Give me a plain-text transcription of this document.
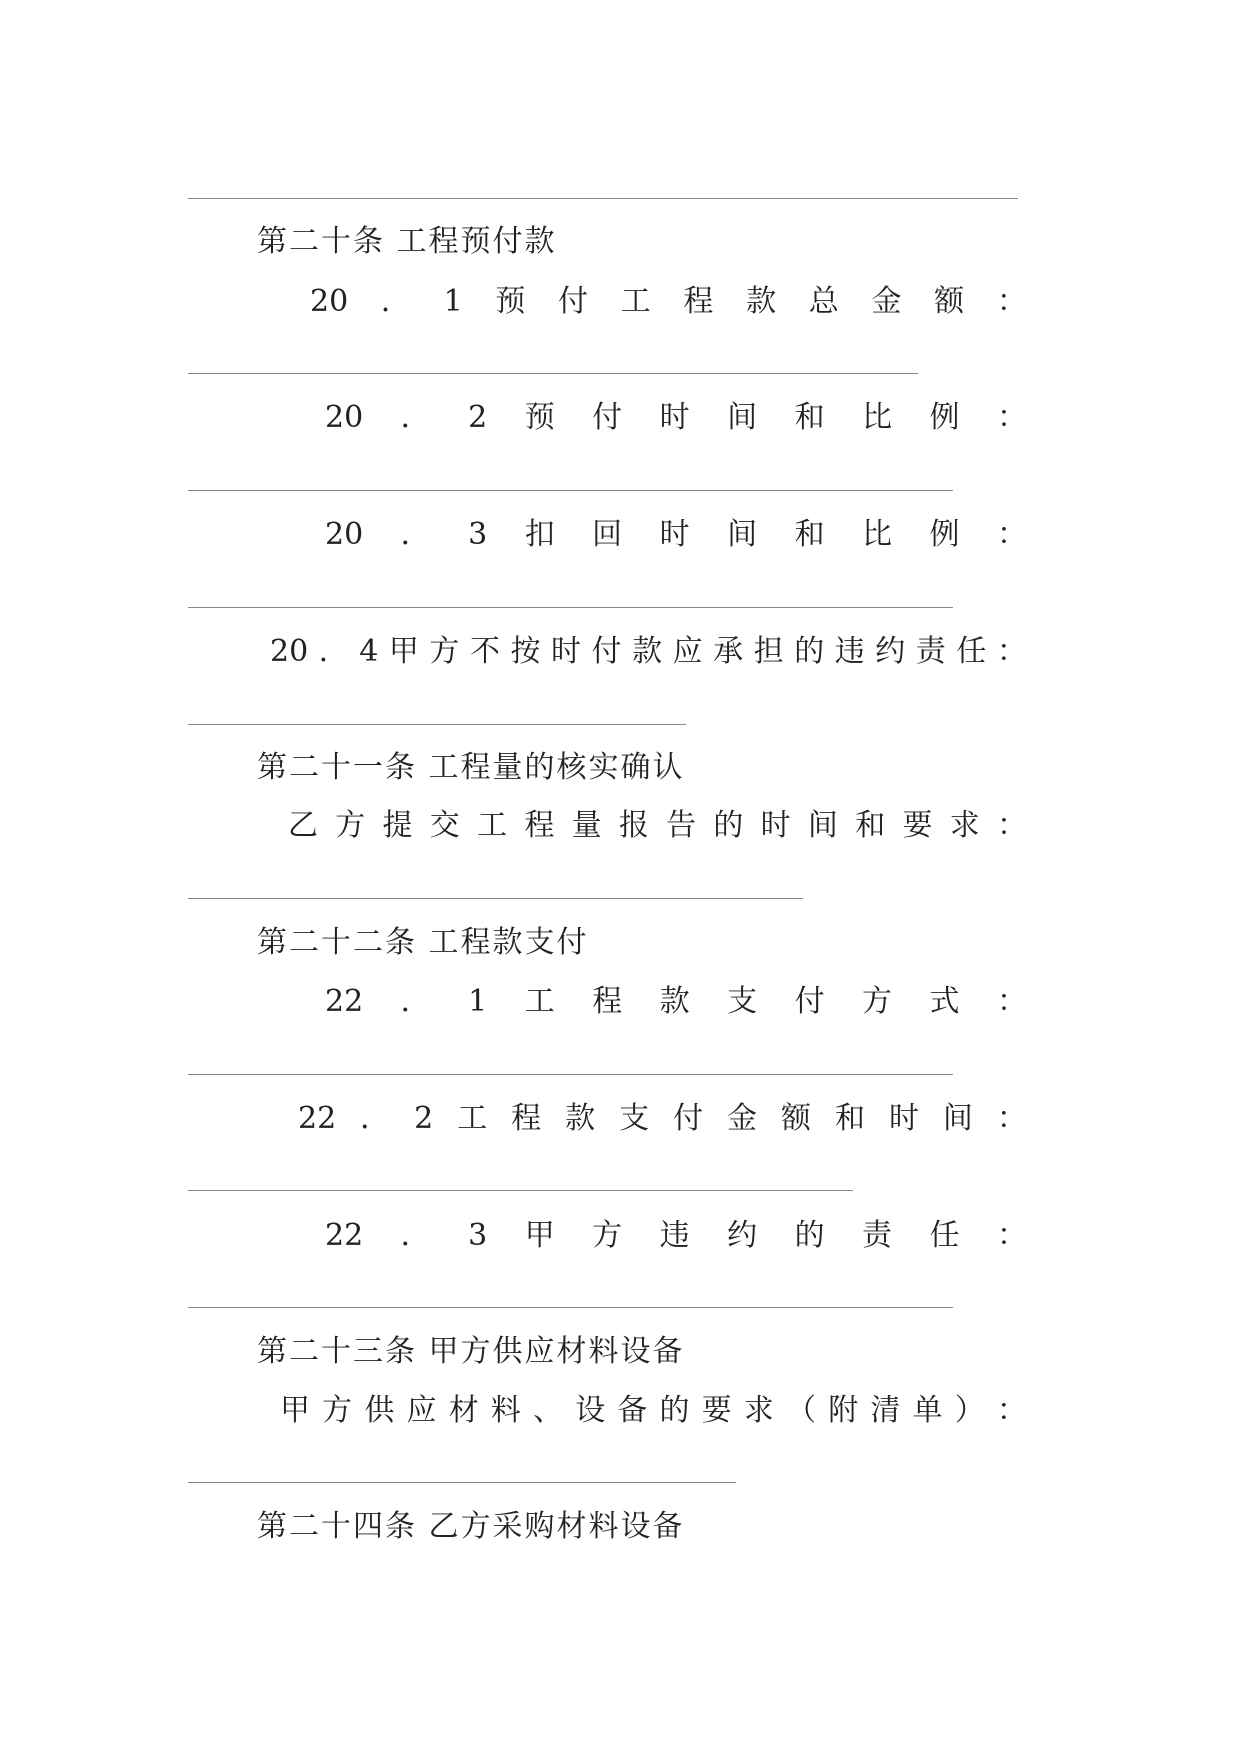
第二十条 工程预付款
20 ． 1 预 付 工 程 款 总 金 额 ：
20 ． 2 预 付 时 间 和 比 例 ：
20 ． 3 扣 回 时 间 和 比 例 ：
20 ． 4 甲 方 不 按 时 付 款 应 承 担 的 违 约 责 任 ：
第二十一条 工程量的核实确认
乙 方 提 交 工 程 量 报 告 的 时 间 和 要 求 ：
第二十二条 工程款支付
22 ． 1 工 程 款 支 付 方 式 ：
22 ． 2 工 程 款 支 付 金 额 和 时 间 ：
22 ． 3 甲 方 违 约 的 责 任 ：
第二十三条 甲方供应材料设备
甲 方 供 应 材 料 、 设 备 的 要 求 （ 附 清 单 ） ：
第二十四条 乙方采购材料设备
